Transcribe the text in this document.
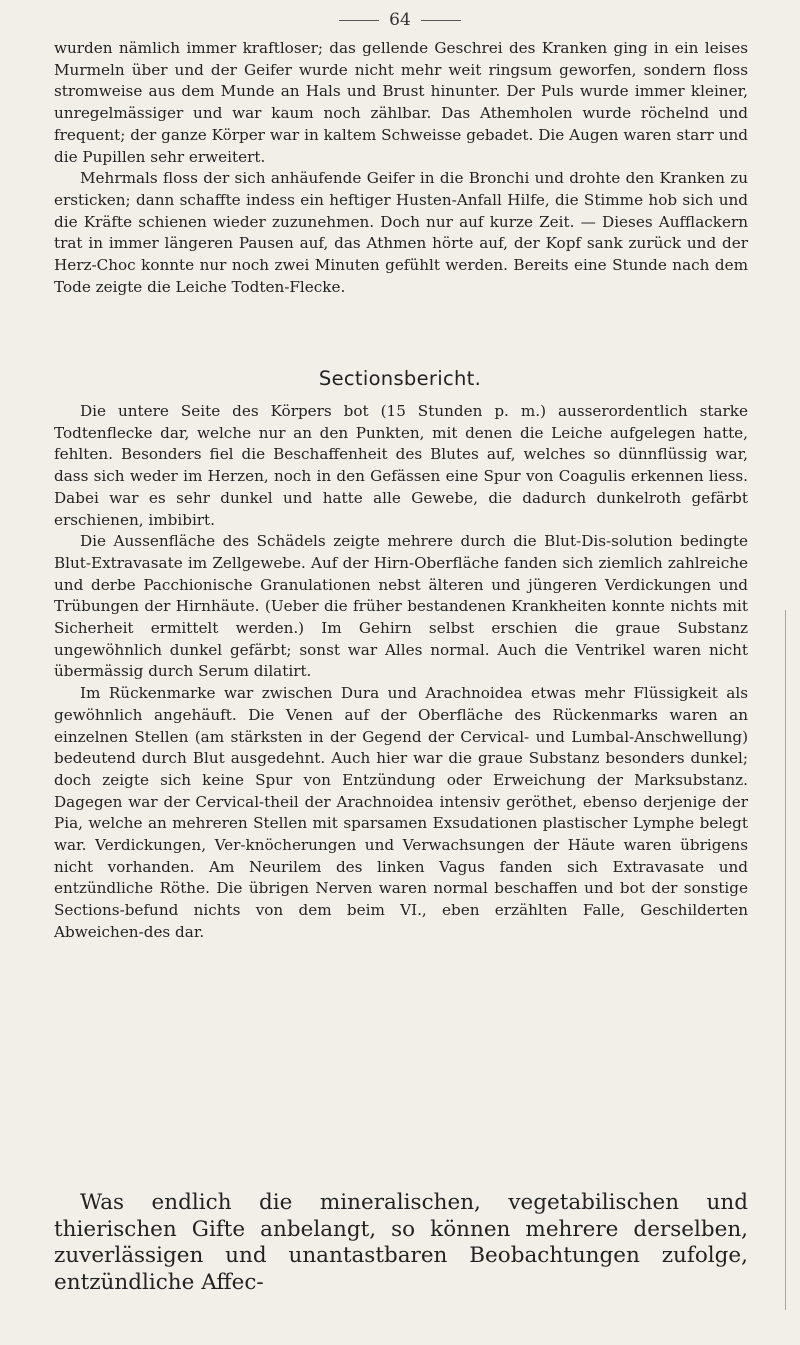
64

wurden nämlich immer kraftloser; das gellende Geschrei des Kranken ging in ein leises Murmeln über und der Geifer wurde nicht mehr weit ringsum geworfen, sondern floss stromweise aus dem Munde an Hals und Brust hinunter. Der Puls wurde immer kleiner, unregelmässiger und war kaum noch zählbar. Das Athemholen wurde röchelnd und frequent; der ganze Körper war in kaltem Schweisse gebadet. Die Augen waren starr und die Pupillen sehr erweitert.

Mehrmals floss der sich anhäufende Geifer in die Bronchi und drohte den Kranken zu ersticken; dann schaffte indess ein heftiger Husten-Anfall Hilfe, die Stimme hob sich und die Kräfte schienen wieder zuzunehmen. Doch nur auf kurze Zeit. — Dieses Aufflackern trat in immer längeren Pausen auf, das Athmen hörte auf, der Kopf sank zurück und der Herz-Choc konnte nur noch zwei Minuten gefühlt werden. Bereits eine Stunde nach dem Tode zeigte die Leiche Todten-Flecke.

Sectionsbericht.

Die untere Seite des Körpers bot (15 Stunden p. m.) ausserordentlich starke Todtenflecke dar, welche nur an den Punkten, mit denen die Leiche aufgelegen hatte, fehlten. Besonders fiel die Beschaffenheit des Blutes auf, welches so dünnflüssig war, dass sich weder im Herzen, noch in den Gefässen eine Spur von Coagulis erkennen liess. Dabei war es sehr dunkel und hatte alle Gewebe, die dadurch dunkelroth gefärbt erschienen, imbibirt.

Die Aussenfläche des Schädels zeigte mehrere durch die Blut-Dis-solution bedingte Blut-Extravasate im Zellgewebe. Auf der Hirn-Oberfläche fanden sich ziemlich zahlreiche und derbe Pacchionische Granulationen nebst älteren und jüngeren Verdickungen und Trübungen der Hirnhäute. (Ueber die früher bestandenen Krankheiten konnte nichts mit Sicherheit ermittelt werden.) Im Gehirn selbst erschien die graue Substanz ungewöhnlich dunkel gefärbt; sonst war Alles normal. Auch die Ventrikel waren nicht übermässig durch Serum dilatirt.

Im Rückenmarke war zwischen Dura und Arachnoidea etwas mehr Flüssigkeit als gewöhnlich angehäuft. Die Venen auf der Oberfläche des Rückenmarks waren an einzelnen Stellen (am stärksten in der Gegend der Cervical- und Lumbal-Anschwellung) bedeutend durch Blut ausgedehnt. Auch hier war die graue Substanz besonders dunkel; doch zeigte sich keine Spur von Entzündung oder Erweichung der Marksubstanz. Dagegen war der Cervical-theil der Arachnoidea intensiv geröthet, ebenso derjenige der Pia, welche an mehreren Stellen mit sparsamen Exsudationen plastischer Lymphe belegt war. Verdickungen, Ver-knöcherungen und Verwachsungen der Häute waren übrigens nicht vorhanden. Am Neurilem des linken Vagus fanden sich Extravasate und entzündliche Röthe. Die übrigen Nerven waren normal beschaffen und bot der sonstige Sections-befund nichts von dem beim VI., eben erzählten Falle, Geschilderten Abweichen-des dar.

Was endlich die mineralischen, vegetabilischen und thierischen Gifte anbelangt, so können mehrere derselben, zuverlässigen und unantastbaren Beobachtungen zufolge, entzündliche Affec-
